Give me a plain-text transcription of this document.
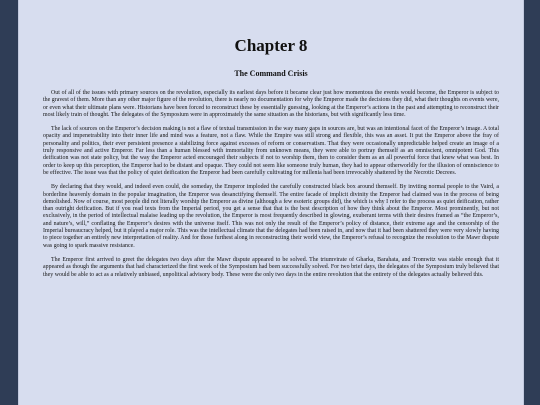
Chapter 8
The Command Crisis

Out of all of the issues with primary sources on the revolution, especially its earliest days before it became clear just how momentous the events would become, the Emperor is subject to the gravest of them. More than any other major figure of the revolution, there is nearly no documentation for why the Emperor made the decisions they did, what their thoughts on events were, or even what their ultimate plans were. Historians have been forced to reconstruct these by essentially guessing, looking at the Emperor’s actions in the past and attempting to reconstruct their most likely train of thought. The delegates of the Symposium were in approximately the same situation as the historians, but with significantly less time.

The lack of sources on the Emperor’s decision making is not a flaw of textual transmission in the way many gaps in sources are, but was an intentional facet of the Emperor’s image. A total opacity and impenetrability into their inner life and mind was a feature, not a flaw. While the Empire was still strong and flexible, this was an asset. It put the Emperor above the fray of personality and politics, their ever persistent presence a stabilizing force against excesses of reform or conservatism. That they were occasionally unpredictable helped create an image of a truly responsive and active Emperor. Far less than a human blessed with immortality from unknown means, they were able to portray themself as an omniscient, omnipotent God. This deification was not state policy, but the way the Emperor acted encouraged their subjects if not to worship them, then to consider them as an all powerful force that knew what was best. In order to keep up this perception, the Emperor had to be distant and opaque. They could not seem like someone truly human, they had to appear otherworldly for the illusion of omniscience to be effective. The issue was that the policy of quiet deification the Emperor had been carefully cultivating for millenia had been irrevocably shattered by the Necrotic Decrees.

By declaring that they would, and indeed even could, die someday, the Emperor imploded the carefully constructed black box around themself. By inviting normal people to the Vaird, a borderline heavenly domain in the popular imagination, the Emperor was desanctifying themself. The entire facade of implicit divinity the Emperor had claimed was in the process of being demolished. Now of course, most people did not literally worship the Emperor as divine (although a few esoteric groups did), the which is why I refer to the process as quiet deification, rather than outright deification. But if you read texts from the Imperial period, you get a sense that that is the best description of how they think about the Emperor. Most prominently, but not exclusively, in the period of intellectual malaise leading up the revolution, the Emperor is most frequently described in glowing, exuberant terms with their desires framed as “the Emperor’s, and nature’s, will,” conflating the Emperor’s desires with the universe itself. This was not only the result of the Emperor’s policy of distance, their extreme age and the censorship of the Imperial bureaucracy helped, but it played a major role. This was the intellectual climate that the delegates had been raised in, and now that it had been shattered they were very slowly having to piece together an entirely new interpretation of reality. And for those furthest along in reconstructing their world view, the Emperor’s refusal to recognize the resolution to the Mawr dispute was going to spark massive resistance.

The Emperor first arrived to greet the delegates two days after the Mawr dispute appeared to be solved. The triumvirate of Gharka, Barahata, and Tromwitz was stable enough that it appeared as though the arguments that had characterized the first week of the Symposium had been successfully solved. For two brief days, the delegates of the Symposium truly believed that they would be able to act as a relatively unbiased, unpolitical advisory body. These were the only two days in the entire revolution that the entirety of the delegates actually believed this.
